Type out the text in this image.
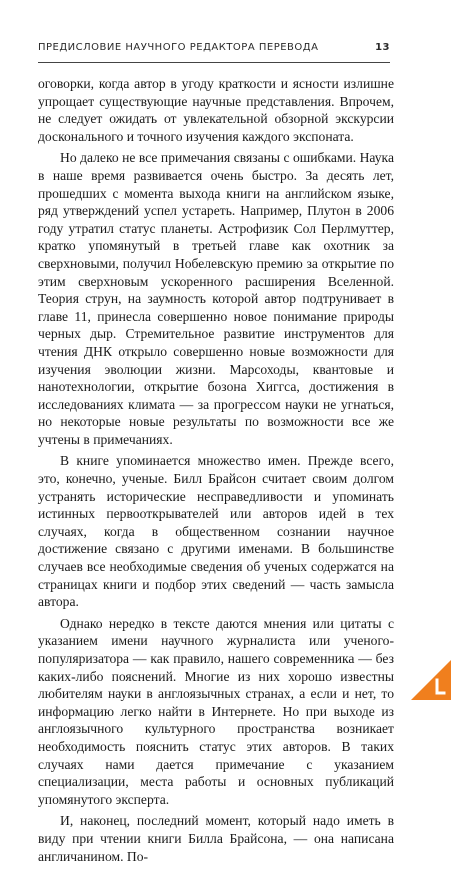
ПРЕДИСЛОВИЕ НАУЧНОГО РЕДАКТОРА ПЕРЕВОДА	13

оговорки, когда автор в угоду краткости и ясности излишне упрощает существующие научные представления. Впрочем, не следует ожидать от увлекательной обзорной экскурсии досконального и точного изучения каждого экспоната.

Но далеко не все примечания связаны с ошибками. Наука в наше время развивается очень быстро. За десять лет, прошедших с момента выхода книги на английском языке, ряд утверждений успел устареть. Например, Плутон в 2006 году утратил статус планеты. Астрофизик Сол Перлмуттер, кратко упомянутый в третьей главе как охотник за сверхновыми, получил Нобелевскую премию за открытие по этим сверхновым ускоренного расширения Вселенной. Теория струн, на заумность которой автор подтрунивает в главе 11, принесла совершенно новое понимание природы черных дыр. Стремительное развитие инструментов для чтения ДНК открыло совершенно новые возможности для изучения эволюции жизни. Марсоходы, квантовые и нанотехнологии, открытие бозона Хиггса, достижения в исследованиях климата — за прогрессом науки не угнаться, но некоторые новые результаты по возможности все же учтены в примечаниях.

В книге упоминается множество имен. Прежде всего, это, конечно, ученые. Билл Брайсон считает своим долгом устранять исторические несправедливости и упоминать истинных первооткрывателей или авторов идей в тех случаях, когда в общественном сознании научное достижение связано с другими именами. В большинстве случаев все необходимые сведения об ученых содержатся на страницах книги и подбор этих сведений — часть замысла автора.

Однако нередко в тексте даются мнения или цитаты с указанием имени научного журналиста или ученого-популяризатора — как правило, нашего современника — без каких-либо пояснений. Многие из них хорошо известны любителям науки в англоязычных странах, а если и нет, то информацию легко найти в Интернете. Но при выходе из англоязычного культурного пространства возникает необходимость пояснить статус этих авторов. В таких случаях нами дается примечание с указанием специализации, места работы и основных публикаций упомянутого эксперта.

И, наконец, последний момент, который надо иметь в виду при чтении книги Билла Брайсона, — она написана англичанином. По-
